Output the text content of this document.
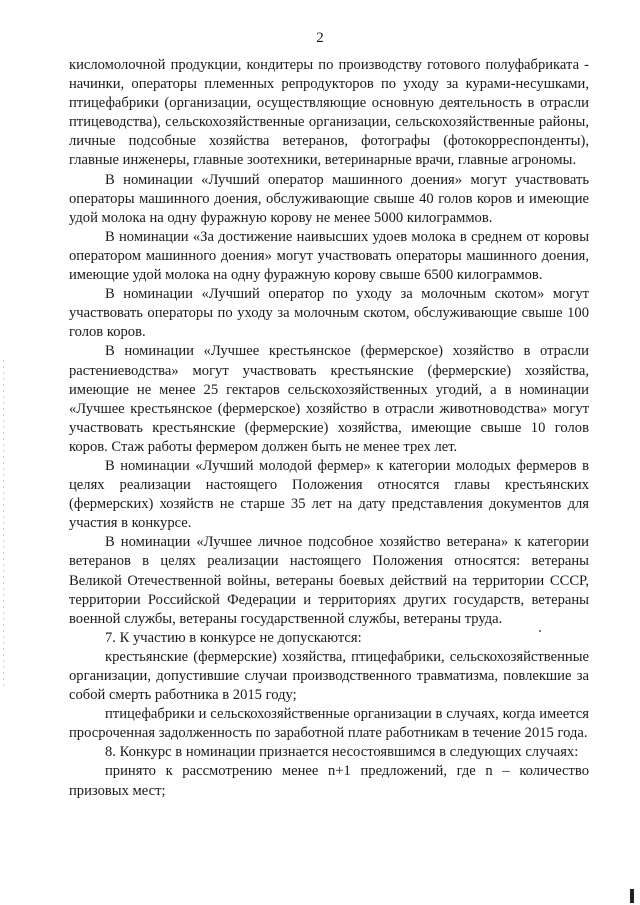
2

кисломолочной продукции, кондитеры по производству готового полуфабриката - начинки, операторы племенных репродукторов по уходу за курами-несушками, птицефабрики (организации, осуществляющие основную деятельность в отрасли птицеводства), сельскохозяйственные организации, сельскохозяйственные районы, личные подсобные хозяйства ветеранов, фотографы (фотокорреспонденты), главные инженеры, главные зоотехники, ветеринарные врачи, главные агрономы.

В номинации «Лучший оператор машинного доения» могут участвовать операторы машинного доения, обслуживающие свыше 40 голов коров и имеющие удой молока на одну фуражную корову не менее 5000 килограммов.

В номинации «За достижение наивысших удоев молока в среднем от коровы оператором машинного доения» могут участвовать операторы машинного доения, имеющие удой молока на одну фуражную корову свыше 6500 килограммов.

В номинации «Лучший оператор по уходу за молочным скотом» могут участвовать операторы по уходу за молочным скотом, обслуживающие свыше 100 голов коров.

В номинации «Лучшее крестьянское (фермерское) хозяйство в отрасли растениеводства» могут участвовать крестьянские (фермерские) хозяйства, имеющие не менее 25 гектаров сельскохозяйственных угодий, а в номинации «Лучшее крестьянское (фермерское) хозяйство в отрасли животноводства» могут участвовать крестьянские (фермерские) хозяйства, имеющие свыше 10 голов коров. Стаж работы фермером должен быть не менее трех лет.

В номинации «Лучший молодой фермер» к категории молодых фермеров в целях реализации настоящего Положения относятся главы крестьянских (фермерских) хозяйств не старше 35 лет на дату представления документов для участия в конкурсе.

В номинации «Лучшее личное подсобное хозяйство ветерана» к категории ветеранов в целях реализации настоящего Положения относятся: ветераны Великой Отечественной войны, ветераны боевых действий на территории СССР, территории Российской Федерации и территориях других государств, ветераны военной службы, ветераны государственной службы, ветераны труда.

7. К участию в конкурсе не допускаются:

крестьянские (фермерские) хозяйства, птицефабрики, сельскохозяйственные организации, допустившие случаи производственного травматизма, повлекшие за собой смерть работника в 2015 году;

птицефабрики и сельскохозяйственные организации в случаях, когда имеется просроченная задолженность по заработной плате работникам в течение 2015 года.

8. Конкурс в номинации признается несостоявшимся в следующих случаях:

принято к рассмотрению менее n+1 предложений, где n – количество призовых мест;
